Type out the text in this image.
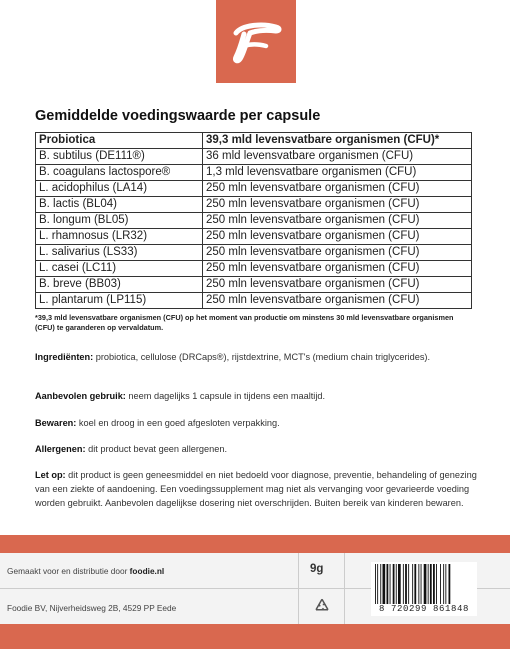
Gemiddelde voedingswaarde per capsule
Probiotica	39,3 mld levensvatbare organismen (CFU)*
B. subtilus (DE111®)	36 mld levensvatbare organismen (CFU)
B. coagulans lactospore®	1,3 mld levensvatbare organismen (CFU)
L. acidophilus (LA14)	250 mln levensvatbare organismen (CFU)
B. lactis (BL04)	250 mln levensvatbare organismen (CFU)
B. longum (BL05)	250 mln levensvatbare organismen (CFU)
L. rhamnosus (LR32)	250 mln levensvatbare organismen (CFU)
L. salivarius (LS33)	250 mln levensvatbare organismen (CFU)
L. casei (LC11)	250 mln levensvatbare organismen (CFU)
B. breve (BB03)	250 mln levensvatbare organismen (CFU)
L. plantarum (LP115)	250 mln levensvatbare organismen (CFU)
*39,3 mld levensvatbare organismen (CFU) op het moment van productie om minstens 30 mld levensvatbare organismen (CFU) te garanderen op vervaldatum.

Ingrediënten: probiotica, cellulose (DRCaps®), rijstdextrine, MCT's (medium chain triglycerides).

Aanbevolen gebruik: neem dagelijks 1 capsule in tijdens een maaltijd.

Bewaren: koel en droog in een goed afgesloten verpakking.

Allergenen: dit product bevat geen allergenen.

Let op: dit product is geen geneesmiddel en niet bedoeld voor diagnose, preventie, behandeling of genezing van een ziekte of aandoening. Een voedingssupplement mag niet als vervanging voor gevarieerde voeding worden gebruikt. Aanbevolen dagelijkse dosering niet overschrijden. Buiten bereik van kinderen bewaren.

Gemaakt voor en distributie door foodie.nl	9g
Foodie BV, Nijverheidsweg 2B, 4529 PP Eede	8 720299 861848
